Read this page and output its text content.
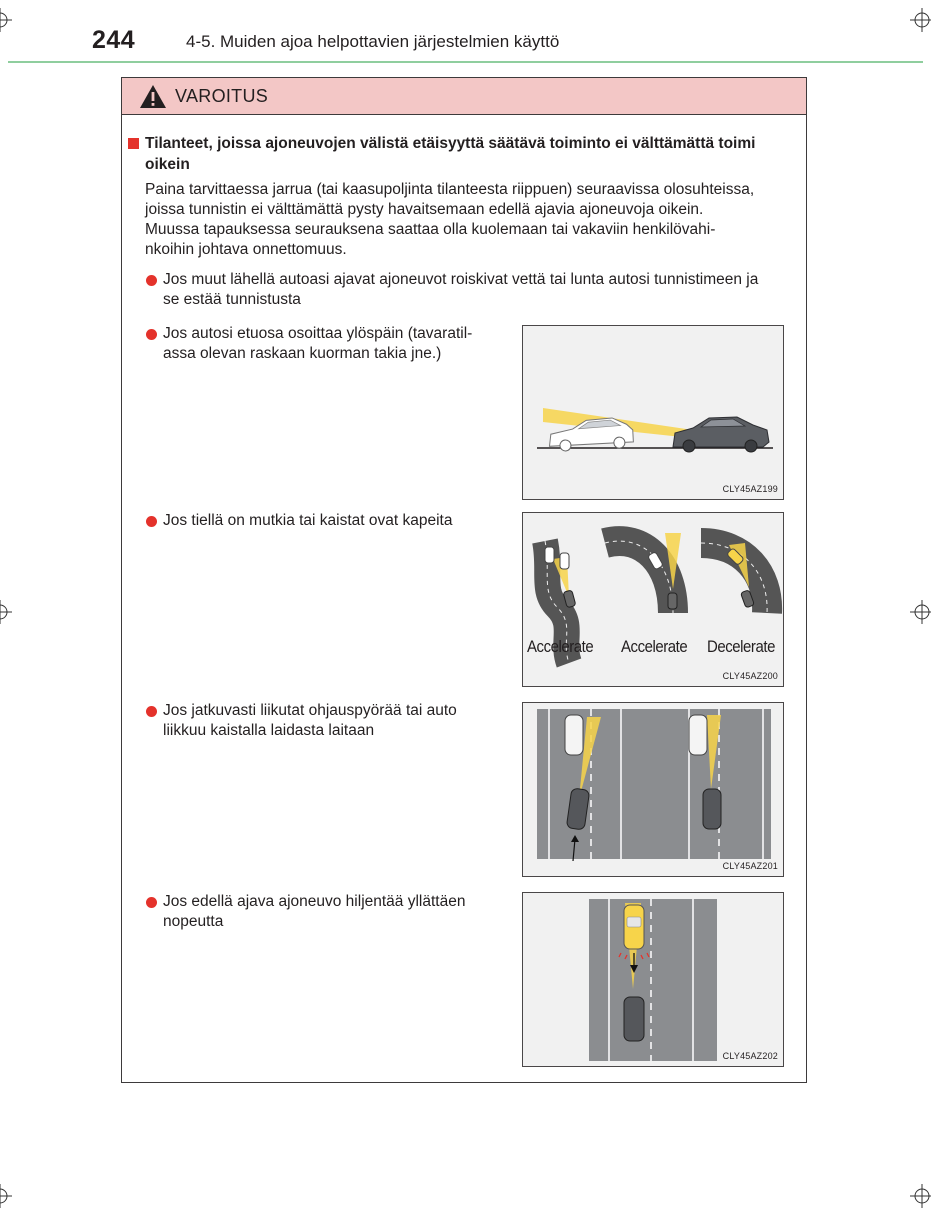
244	4-5. Muiden ajoa helpottavien järjestelmien käyttö
VAROITUS
Tilanteet, joissa ajoneuvojen välistä etäisyyttä säätävä toiminto ei välttämättä toimi
oikein
Paina tarvittaessa jarrua (tai kaasupoljinta tilanteesta riippuen) seuraavissa olosuhteissa,
joissa tunnistin ei välttämättä pysty havaitsemaan edellä ajavia ajoneuvoja oikein.
Muussa tapauksessa seurauksena saattaa olla kuolemaan tai vakaviin henkilövahi-
nkoihin johtava onnettomuus.
Jos muut lähellä autoasi ajavat ajoneuvot roiskivat vettä tai lunta autosi tunnistimeen ja
se estää tunnistusta
Jos autosi etuosa osoittaa ylöspäin (tavaratil-
assa olevan raskaan kuorman takia jne.)
Jos tiellä on mutkia tai kaistat ovat kapeita
Jos jatkuvasti liikutat ohjauspyörää tai auto
liikkuu kaistalla laidasta laitaan
Jos edellä ajava ajoneuvo hiljentää yllättäen
nopeutta
CLY45AZ199
Accelerate Accelerate Decelerate
CLY45AZ200
CLY45AZ201
CLY45AZ202
